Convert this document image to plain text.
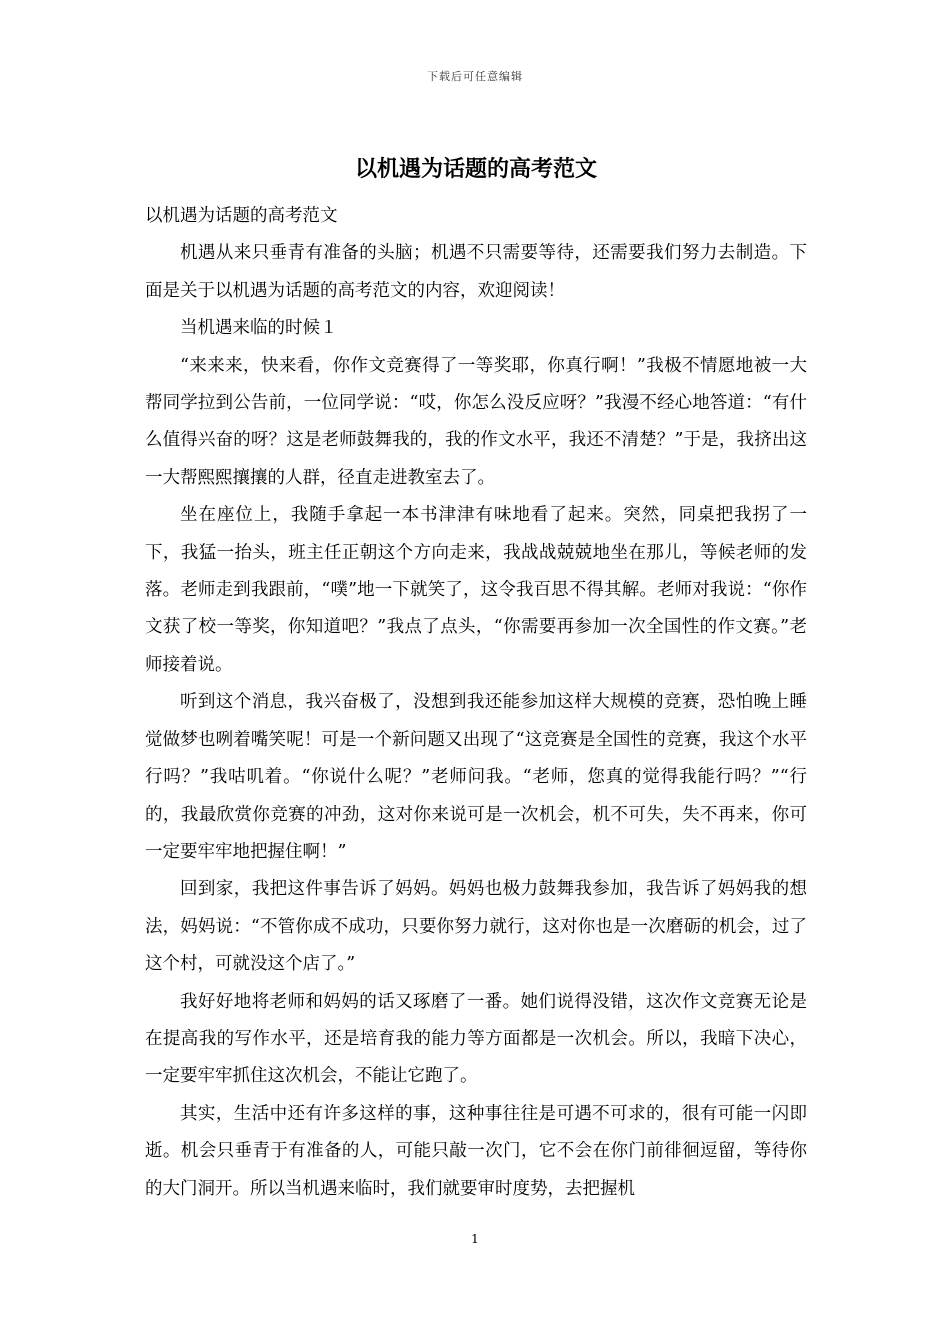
下载后可任意编辑
以机遇为话题的高考范文

以机遇为话题的高考范文

机遇从来只垂青有准备的头脑；机遇不只需要等待，还需要我们努力去制造。下面是关于以机遇为话题的高考范文的内容，欢迎阅读！

当机遇来临的时候１

“来来来，快来看，你作文竞赛得了一等奖耶，你真行啊！”我极不情愿地被一大帮同学拉到公告前，一位同学说：“哎，你怎么没反应呀？”我漫不经心地答道：“有什么值得兴奋的呀？这是老师鼓舞我的，我的作文水平，我还不清楚？”于是，我挤出这一大帮熙熙攘攘的人群，径直走进教室去了。

坐在座位上，我随手拿起一本书津津有味地看了起来。突然，同桌把我拐了一下，我猛一抬头，班主任正朝这个方向走来，我战战兢兢地坐在那儿，等候老师的发落。老师走到我跟前，“噗”地一下就笑了，这令我百思不得其解。老师对我说：“你作文获了校一等奖，你知道吧？”我点了点头，“你需要再参加一次全国性的作文赛。”老师接着说。

听到这个消息，我兴奋极了，没想到我还能参加这样大规模的竞赛，恐怕晚上睡觉做梦也咧着嘴笑呢！可是一个新问题又出现了“这竞赛是全国性的竞赛，我这个水平行吗？”我咕叽着。“你说什么呢？”老师问我。“老师，您真的觉得我能行吗？”“行的，我最欣赏你竞赛的冲劲，这对你来说可是一次机会，机不可失，失不再来，你可一定要牢牢地把握住啊！”

回到家，我把这件事告诉了妈妈。妈妈也极力鼓舞我参加，我告诉了妈妈我的想法，妈妈说：“不管你成不成功，只要你努力就行，这对你也是一次磨砺的机会，过了这个村，可就没这个店了。”

我好好地将老师和妈妈的话又琢磨了一番。她们说得没错，这次作文竞赛无论是在提高我的写作水平，还是培育我的能力等方面都是一次机会。所以，我暗下决心，一定要牢牢抓住这次机会，不能让它跑了。

其实，生活中还有许多这样的事，这种事往往是可遇不可求的，很有可能一闪即逝。机会只垂青于有准备的人，可能只敲一次门，它不会在你门前徘徊逗留，等待你的大门洞开。所以当机遇来临时，我们就要审时度势，去把握机

1
